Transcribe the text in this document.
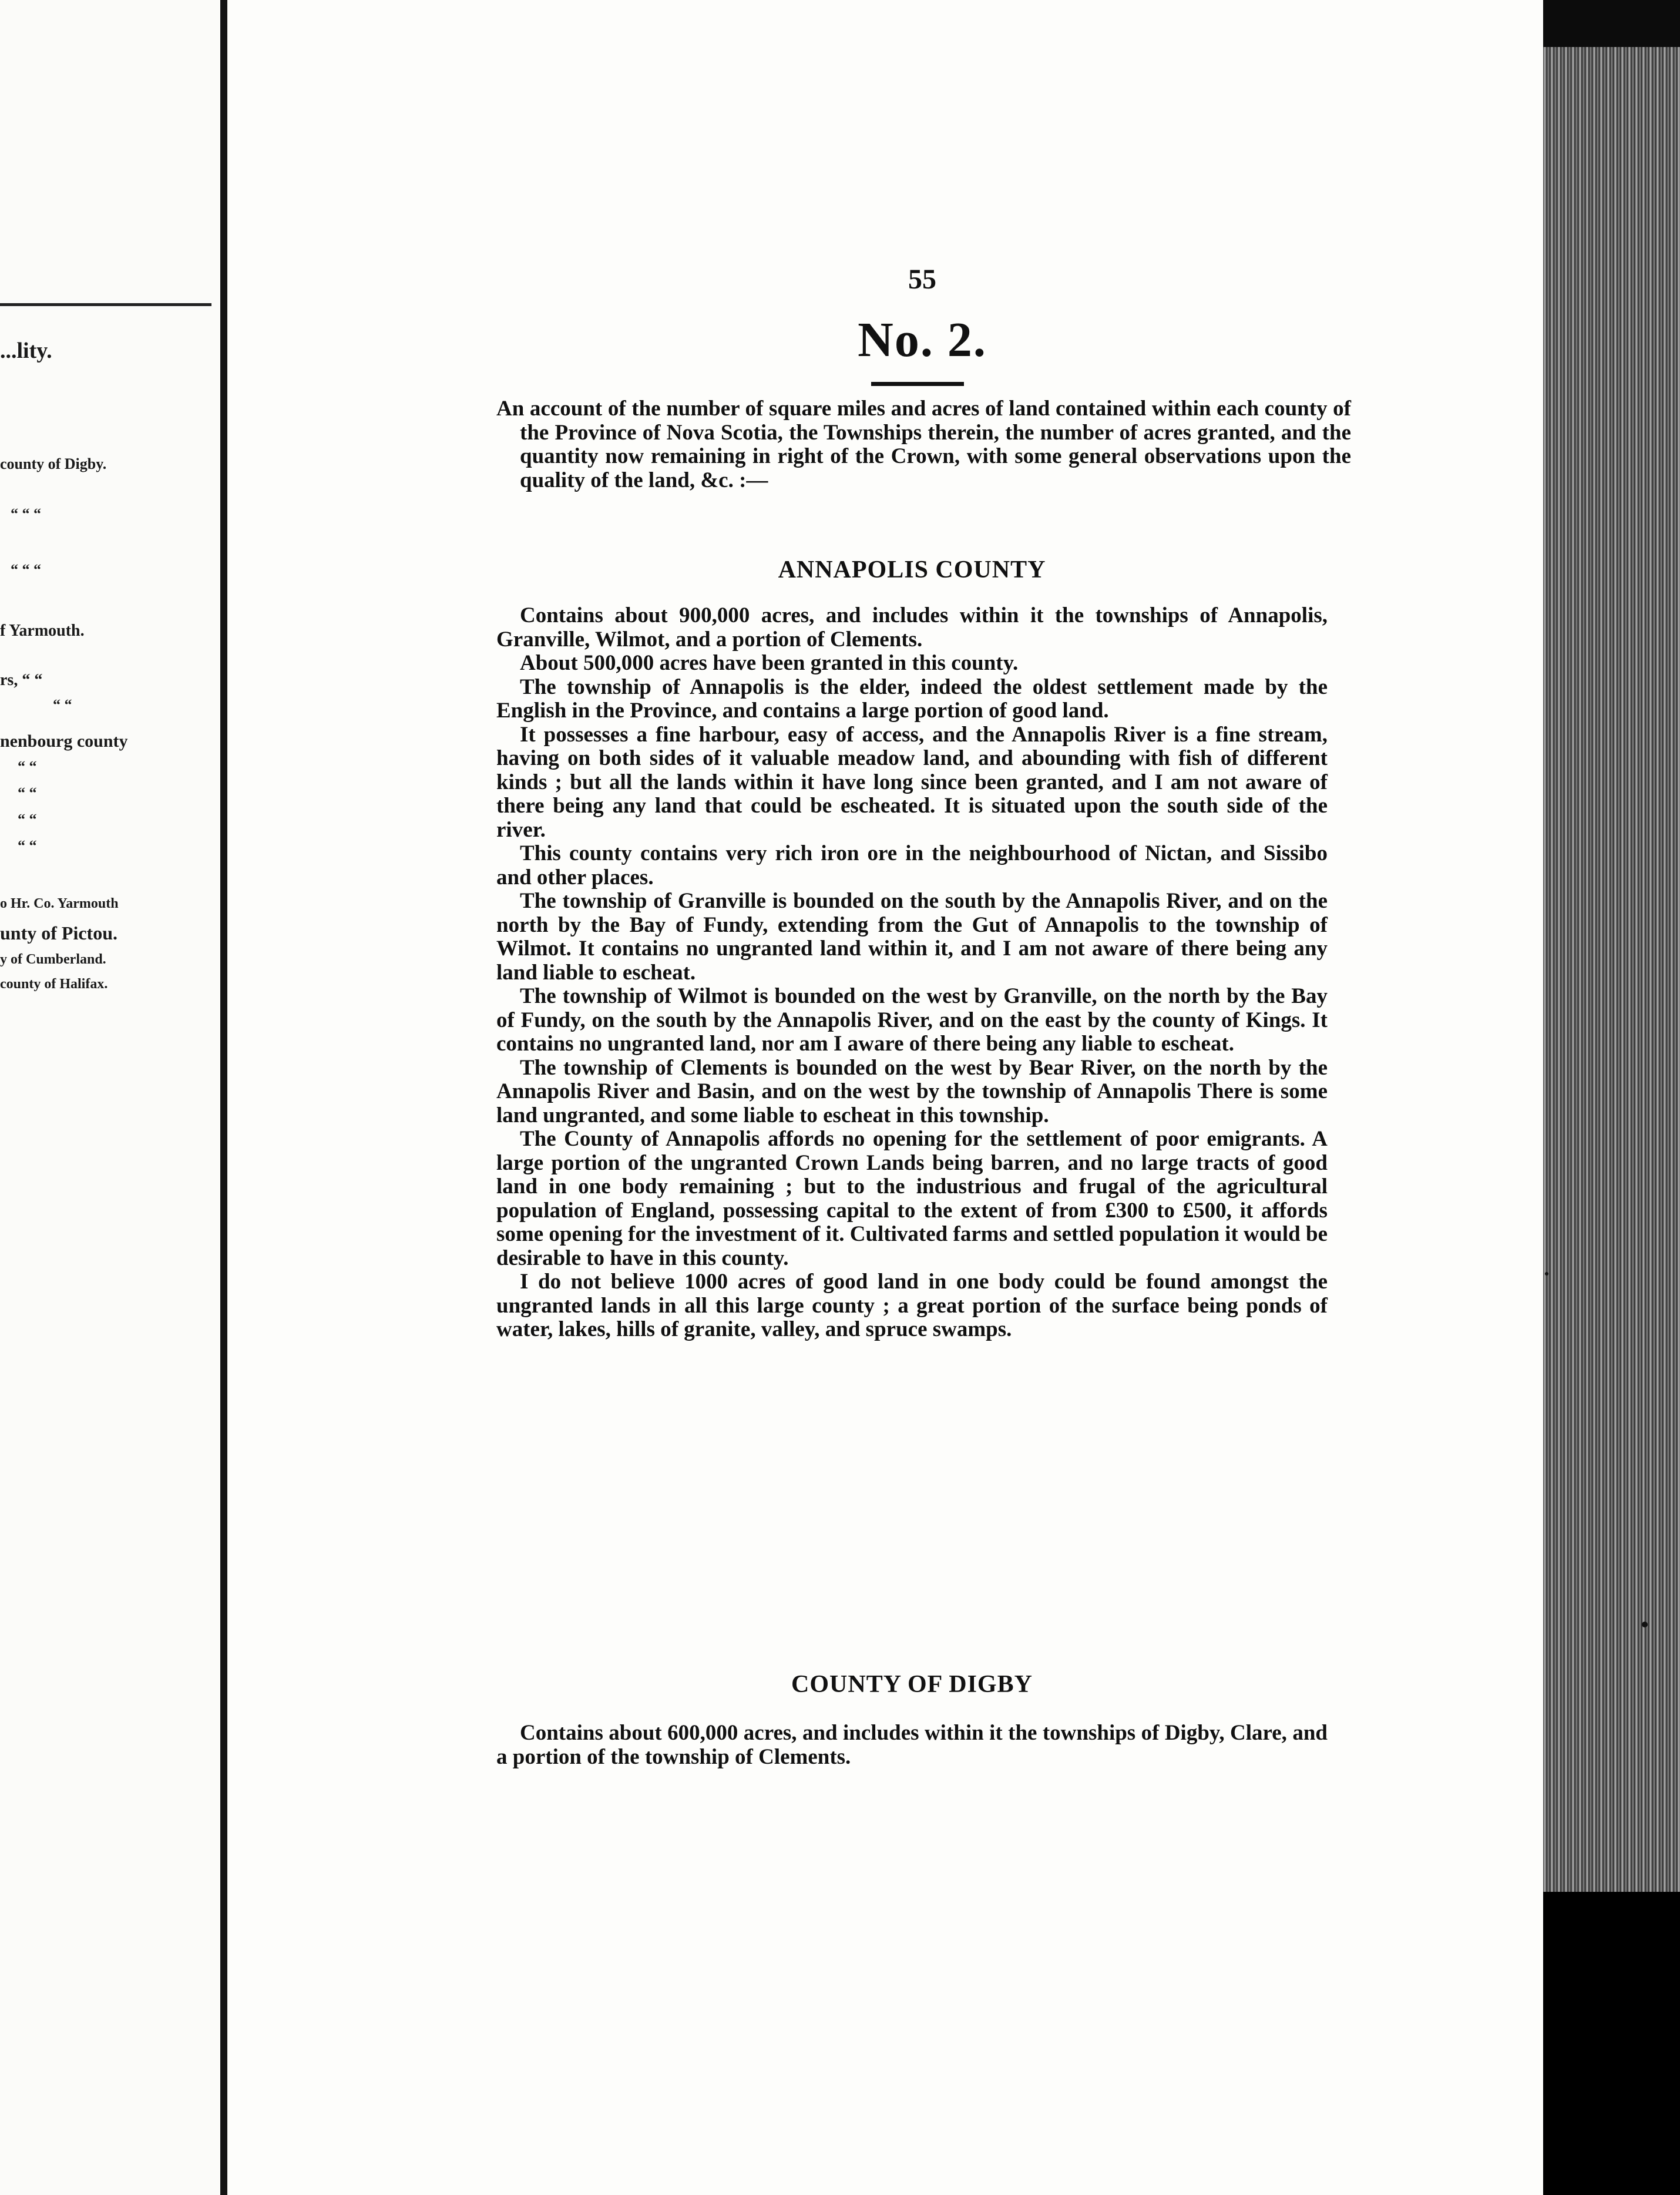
...lity.
county of Digby.
“ “ “
“ “ “
f Yarmouth.
rs, “ “
“ “
nenbourg county
“ “
“ “
“ “
“ “
o Hr. Co. Yarmouth
unty of Pictou.
y of Cumberland.
county of Halifax.
55
No. 2.
An account of the number of square miles and acres of land contained within each county of the Province of Nova Scotia, the Townships therein, the number of acres granted, and the quantity now remaining in right of the Crown, with some general observations upon the quality of the land, &c. :—
ANNAPOLIS COUNTY

Contains about 900,000 acres, and includes within it the townships of Annapolis, Granville, Wilmot, and a portion of Clements.

About 500,000 acres have been granted in this county.

The township of Annapolis is the elder, indeed the oldest settlement made by the English in the Province, and contains a large portion of good land.

It possesses a fine harbour, easy of access, and the Annapolis River is a fine stream, having on both sides of it valuable meadow land, and abounding with fish of different kinds ; but all the lands within it have long since been granted, and I am not aware of there being any land that could be escheated. It is situated upon the south side of the river.

This county contains very rich iron ore in the neighbourhood of Nictan, and Sissibo and other places.

The township of Granville is bounded on the south by the Annapolis River, and on the north by the Bay of Fundy, extending from the Gut of Annapolis to the township of Wilmot. It contains no ungranted land within it, and I am not aware of there being any land liable to escheat.

The township of Wilmot is bounded on the west by Granville, on the north by the Bay of Fundy, on the south by the Annapolis River, and on the east by the county of Kings. It contains no ungranted land, nor am I aware of there being any liable to escheat.

The township of Clements is bounded on the west by Bear River, on the north by the Annapolis River and Basin, and on the west by the township of Annapolis There is some land ungranted, and some liable to escheat in this township.

The County of Annapolis affords no opening for the settlement of poor emigrants. A large portion of the ungranted Crown Lands being barren, and no large tracts of good land in one body remaining ; but to the industrious and frugal of the agricultural population of England, possessing capital to the extent of from £300 to £500, it affords some opening for the investment of it. Cultivated farms and settled population it would be desirable to have in this county.

I do not believe 1000 acres of good land in one body could be found amongst the ungranted lands in all this large county ; a great portion of the surface being ponds of water, lakes, hills of granite, valley, and spruce swamps.

COUNTY OF DIGBY

Contains about 600,000 acres, and includes within it the townships of Digby, Clare, and a portion of the township of Clements.
